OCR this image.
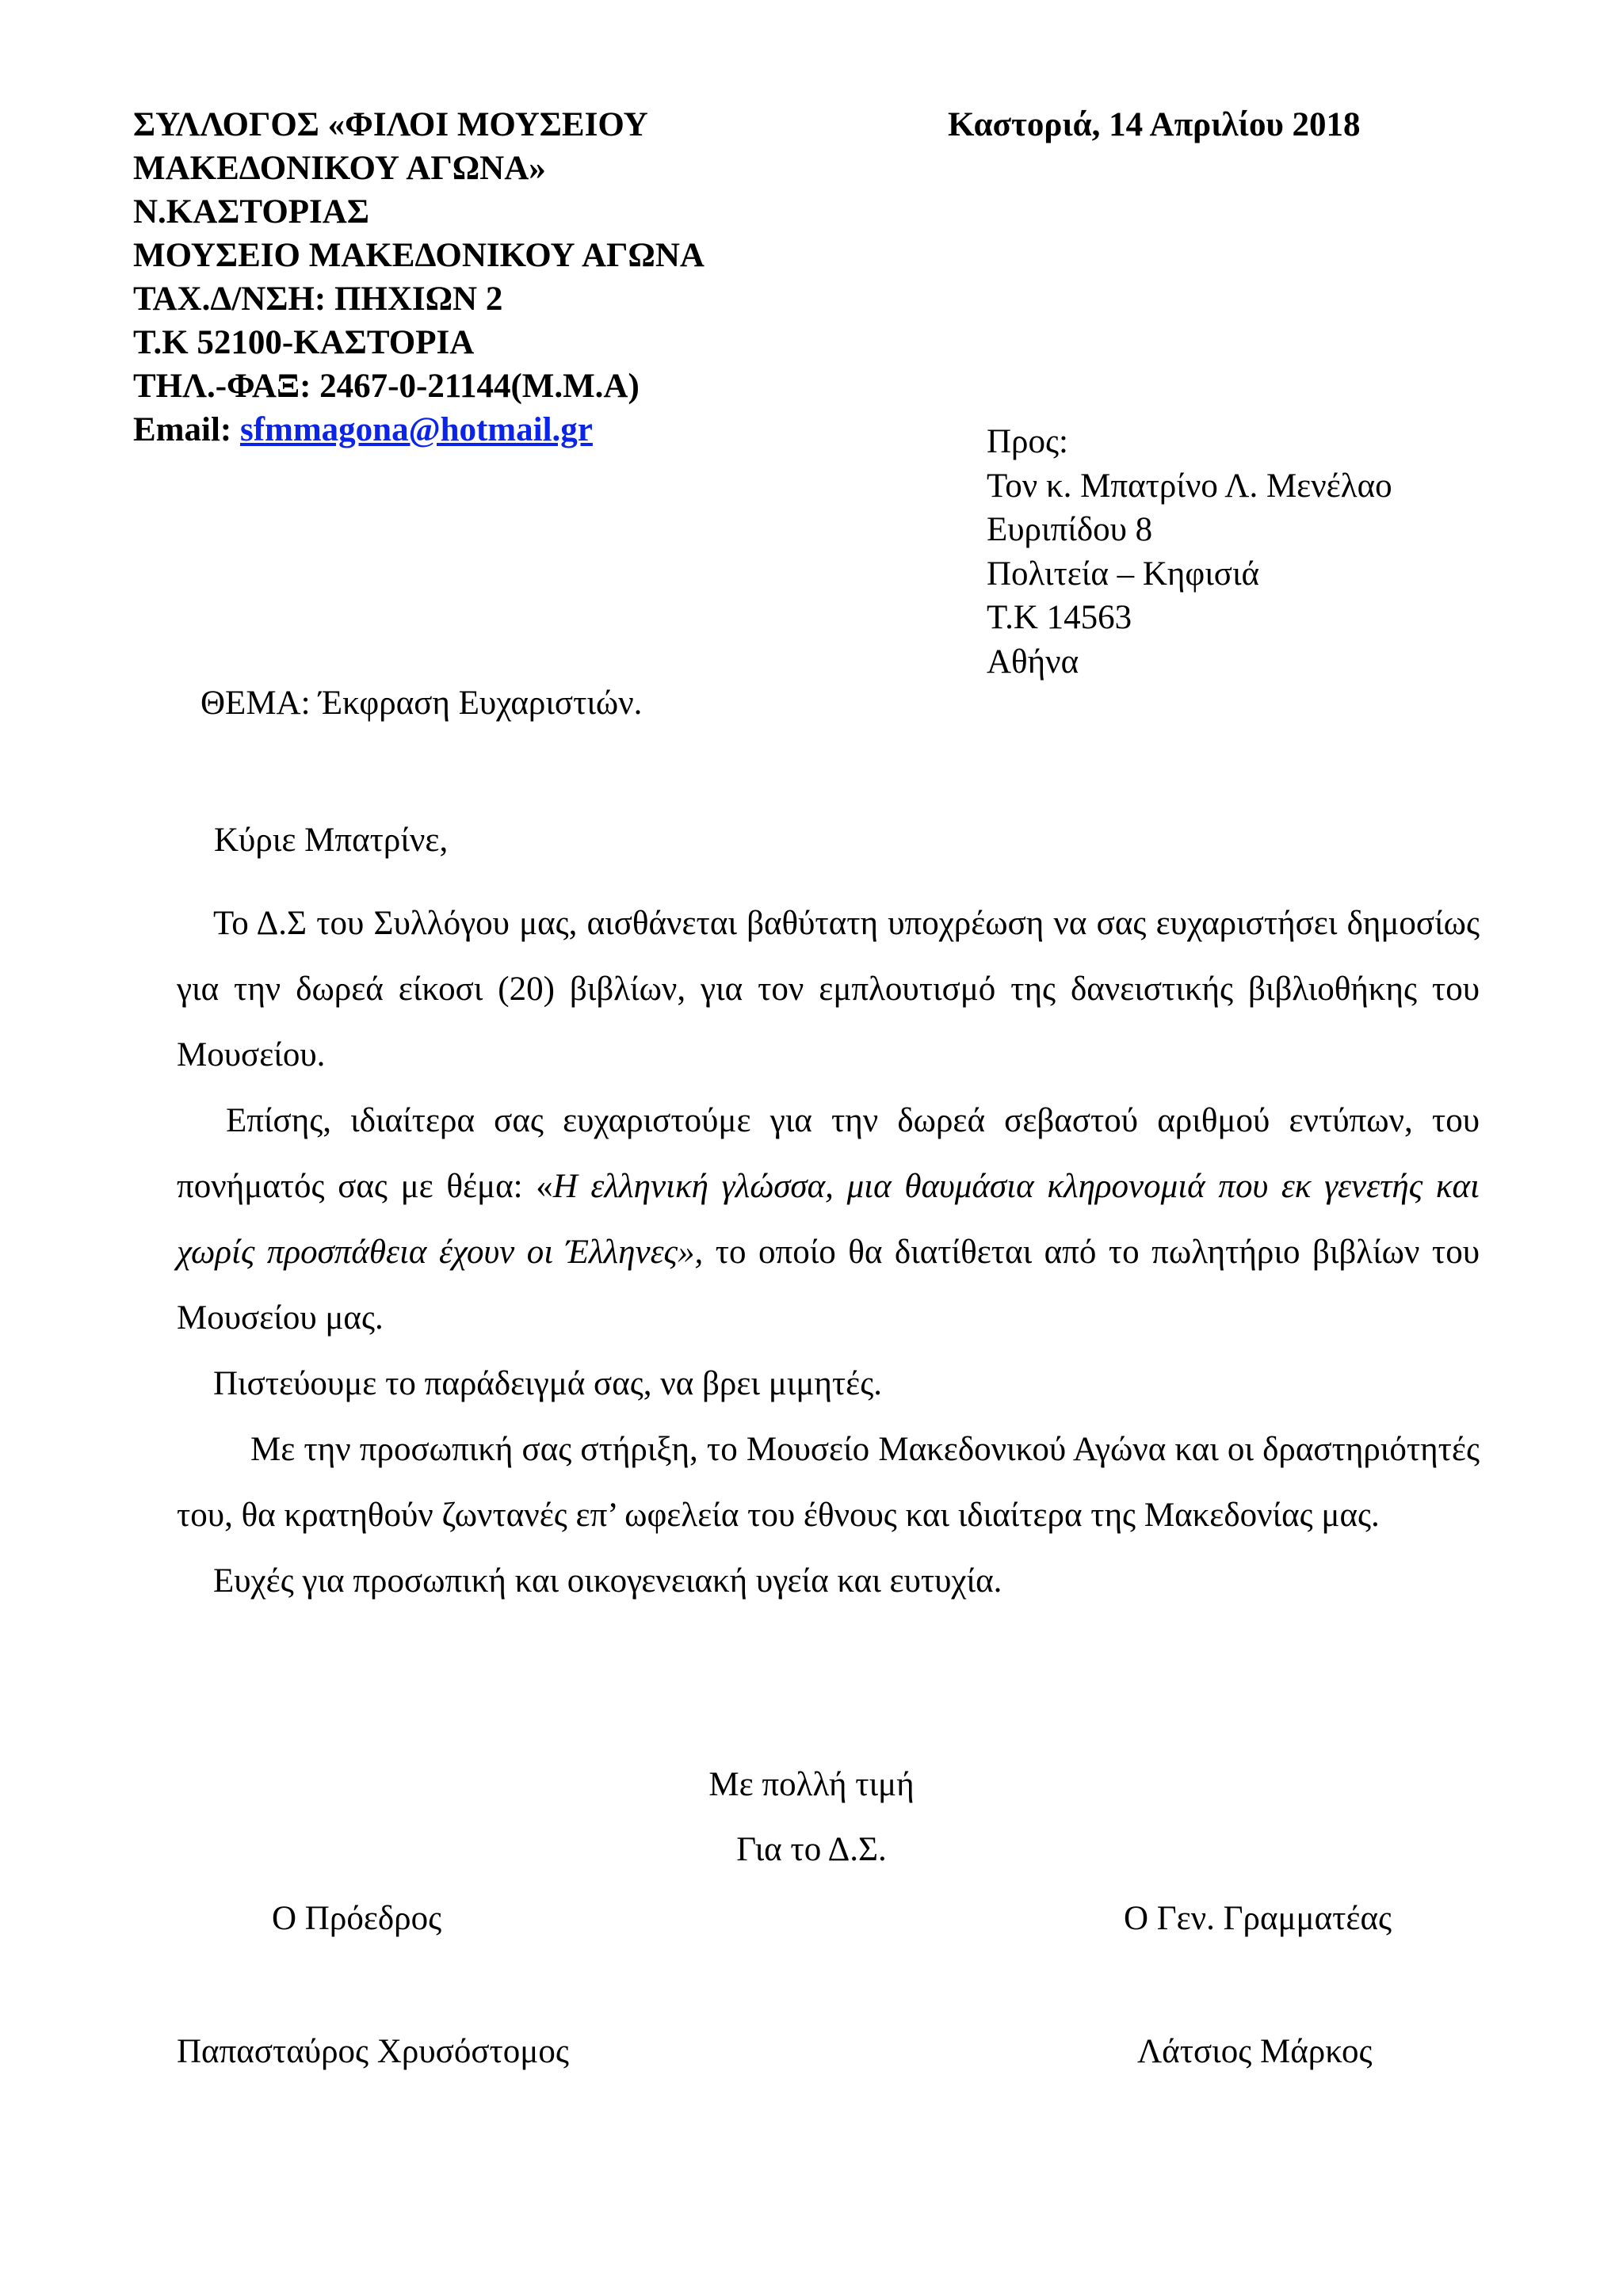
ΣΥΛΛΟΓΟΣ «ΦΙΛΟΙ ΜΟΥΣΕΙΟΥ
ΜΑΚΕΔΟΝΙΚΟΥ ΑΓΩΝΑ»
Ν.ΚΑΣΤΟΡΙΑΣ
ΜΟΥΣΕΙΟ ΜΑΚΕΔΟΝΙΚΟΥ ΑΓΩΝΑ
ΤΑΧ.Δ/ΝΣΗ: ΠΗΧΙΩΝ 2
Τ.Κ 52100-ΚΑΣΤΟΡΙΑ
ΤΗΛ.-ΦΑΞ: 2467-0-21144(Μ.Μ.Α)
Email: sfmmagona@hotmail.gr
Καστοριά, 14 Απριλίου 2018
Προς:
Τον κ. Μπατρίνο Λ. Μενέλαο
Ευριπίδου 8
Πολιτεία – Κηφισιά
Τ.Κ 14563
Αθήνα
ΘΕΜΑ: Έκφραση Ευχαριστιών.
Κύριε Μπατρίνε,

Το Δ.Σ του Συλλόγου μας, αισθάνεται βαθύτατη υποχρέωση να σας ευχαριστήσει δημοσίως για την δωρεά είκοσι (20) βιβλίων, για τον εμπλουτισμό της δανειστικής βιβλιοθήκης του Μουσείου.

Επίσης, ιδιαίτερα σας ευχαριστούμε για την δωρεά σεβαστού αριθμού εντύπων, του πονήματός σας με θέμα: «Η ελληνική γλώσσα, μια θαυμάσια κληρονομιά που εκ γενετής και χωρίς προσπάθεια έχουν οι Έλληνες», το οποίο θα διατίθεται από το πωλητήριο βιβλίων του Μουσείου μας.

Πιστεύουμε το παράδειγμά σας, να βρει μιμητές.

Με την προσωπική σας στήριξη, το Μουσείο Μακεδονικού Αγώνα και οι δραστηριότητές του, θα κρατηθούν ζωντανές επ’ ωφελεία του έθνους και ιδιαίτερα της Μακεδονίας μας.

Ευχές για προσωπική και οικογενειακή υγεία και ευτυχία.

Με πολλή τιμή
Για το Δ.Σ.
Ο Πρόεδρος	Ο Γεν. Γραμματέας
Παπασταύρος Χρυσόστομος	Λάτσιος Μάρκος
